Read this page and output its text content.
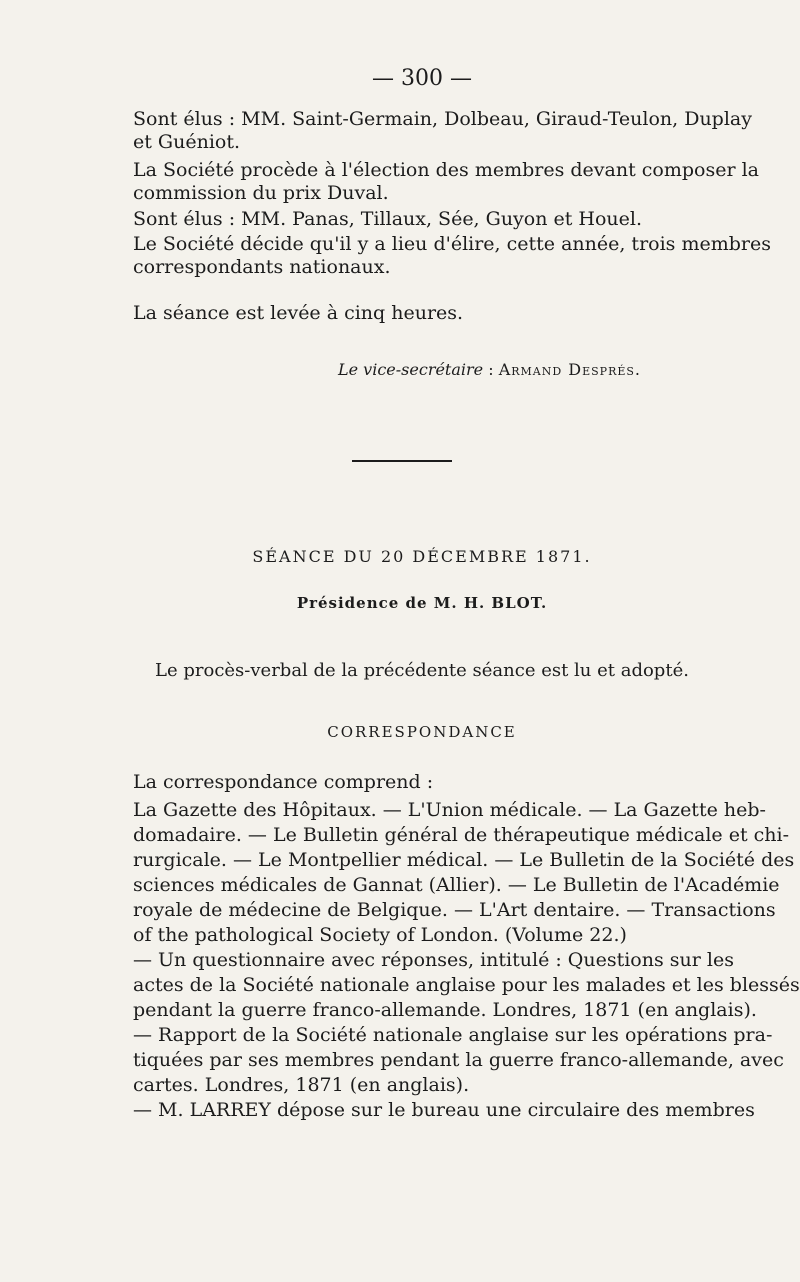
— 300 —
Sont élus : MM. Saint-Germain, Dolbeau, Giraud-Teulon, Duplay
et Guéniot.
La Société procède à l'élection des membres devant composer la
commission du prix Duval.
Sont élus : MM. Panas, Tillaux, Sée, Guyon et Houel.
Le Société décide qu'il y a lieu d'élire, cette année, trois membres
correspondants nationaux.
La séance est levée à cinq heures.
Le vice-secrétaire : Armand Després.
SÉANCE DU 20 DÉCEMBRE 1871.
Présidence de M. H. BLOT.
Le procès-verbal de la précédente séance est lu et adopté.
CORRESPONDANCE
La correspondance comprend :
La Gazette des Hôpitaux. — L'Union médicale. — La Gazette heb-
domadaire. — Le Bulletin général de thérapeutique médicale et chi-
rurgicale. — Le Montpellier médical. — Le Bulletin de la Société des
sciences médicales de Gannat (Allier). — Le Bulletin de l'Académie
royale de médecine de Belgique. — L'Art dentaire. — Transactions
of the pathological Society of London. (Volume 22.)
— Un questionnaire avec réponses, intitulé : Questions sur les
actes de la Société nationale anglaise pour les malades et les blessés
pendant la guerre franco-allemande. Londres, 1871 (en anglais).
— Rapport de la Société nationale anglaise sur les opérations pra-
tiquées par ses membres pendant la guerre franco-allemande, avec
cartes. Londres, 1871 (en anglais).
— M. LARREY dépose sur le bureau une circulaire des membres
